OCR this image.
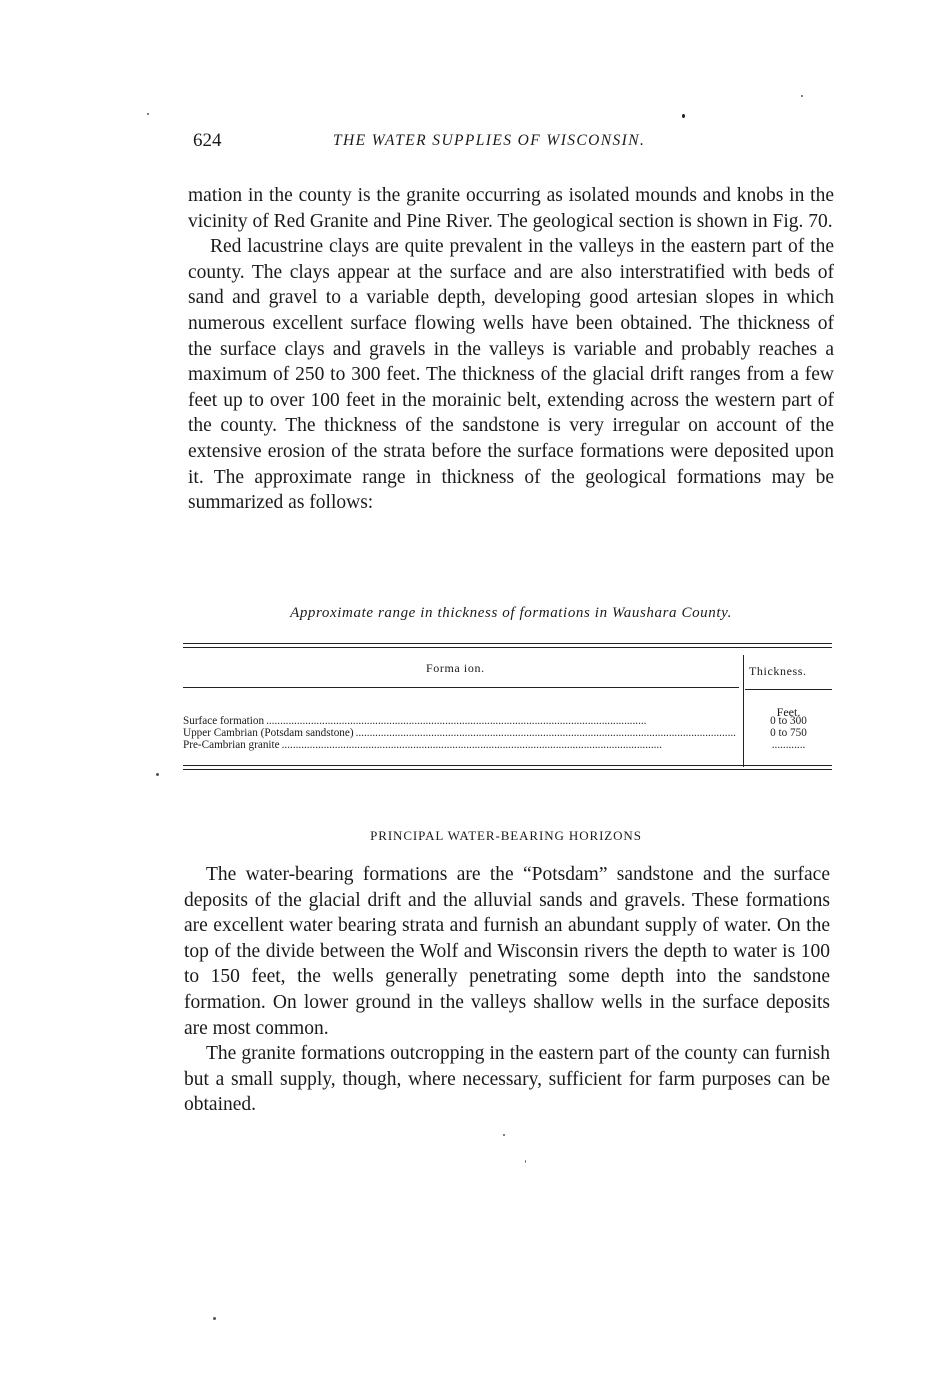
624	THE WATER SUPPLIES OF WISCONSIN.

mation in the county is the granite occurring as isolated mounds and knobs in the vicinity of Red Granite and Pine River. The geological section is shown in Fig. 70.

Red lacustrine clays are quite prevalent in the valleys in the eastern part of the county. The clays appear at the surface and are also interstratified with beds of sand and gravel to a variable depth, developing good artesian slopes in which numerous excellent surface flowing wells have been obtained. The thickness of the surface clays and gravels in the valleys is variable and probably reaches a maximum of 250 to 300 feet. The thickness of the glacial drift ranges from a few feet up to over 100 feet in the morainic belt, extending across the western part of the county. The thickness of the sandstone is very irregular on account of the extensive erosion of the strata before the surface formations were deposited upon it. The approximate range in thickness of the geological formations may be summarized as follows:

Approximate range in thickness of formations in Waushara County.
Forma ion.	Thickness.
Feet.
Surface formation ........................................................................................................................................	0 to 300
Upper Cambrian (Potsdam sandstone) ........................................................................................................................................	0 to 750
Pre-Cambrian granite ........................................................................................................................................	............
PRINCIPAL WATER-BEARING HORIZONS

The water-bearing formations are the “Potsdam” sandstone and the surface deposits of the glacial drift and the alluvial sands and gravels. These formations are excellent water bearing strata and furnish an abundant supply of water. On the top of the divide between the Wolf and Wisconsin rivers the depth to water is 100 to 150 feet, the wells generally penetrating some depth into the sandstone formation. On lower ground in the valleys shallow wells in the surface deposits are most common.

The granite formations outcropping in the eastern part of the county can furnish but a small supply, though, where necessary, sufficient for farm purposes can be obtained.
